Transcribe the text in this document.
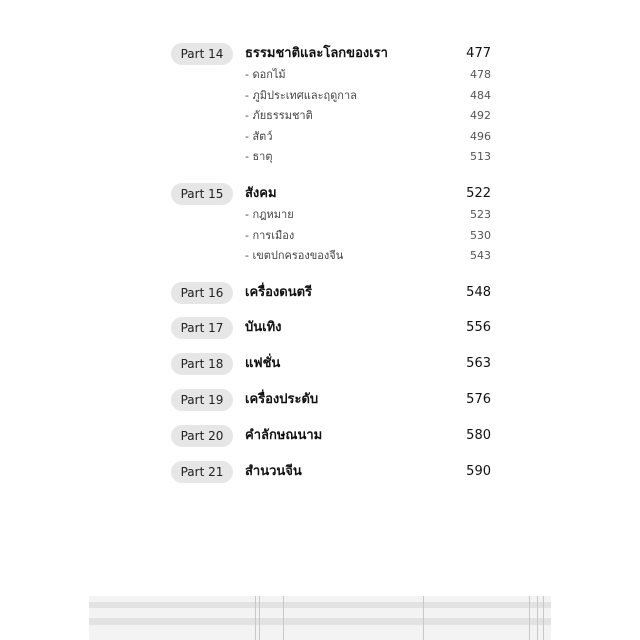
Part 14	ธรรมชาติและโลกของเรา	477
- ดอกไม้	478
- ภูมิประเทศและฤดูกาล	484
- ภัยธรรมชาติ	492
- สัตว์	496
- ธาตุ	513
Part 15	สังคม	522
- กฎหมาย	523
- การเมือง	530
- เขตปกครองของจีน	543
Part 16	เครื่องดนตรี	548
Part 17	บันเทิง	556
Part 18	แฟชั่น	563
Part 19	เครื่องประดับ	576
Part 20	คำลักษณนาม	580
Part 21	สำนวนจีน	590
